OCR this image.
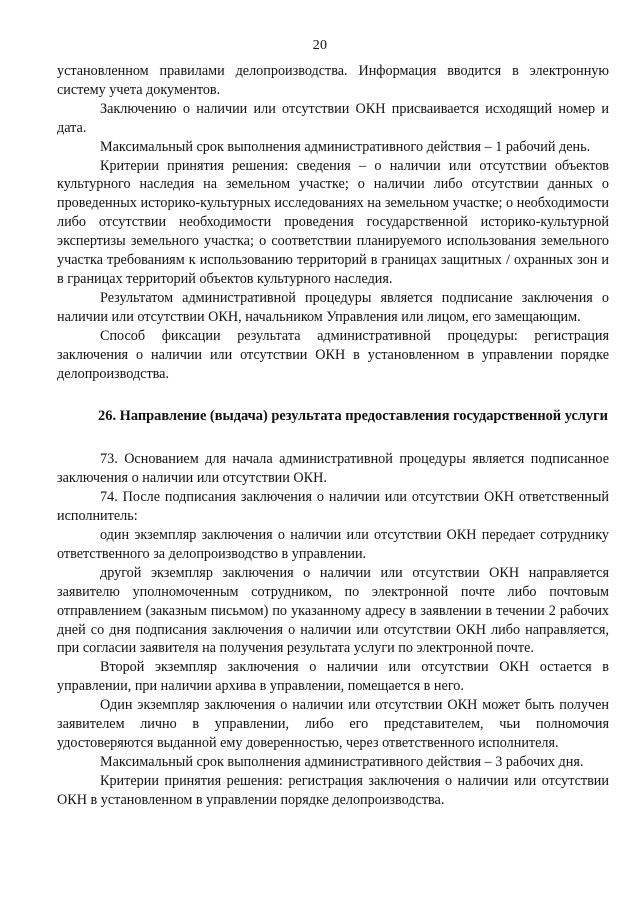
20

установленном правилами делопроизводства. Информация вводится в электронную систему учета документов.

Заключению о наличии или отсутствии ОКН присваивается исходящий номер и дата.

Максимальный срок выполнения административного действия – 1 рабочий день.

Критерии принятия решения: сведения – о наличии или отсутствии объектов культурного наследия на земельном участке; о наличии либо отсутствии данных о проведенных историко-культурных исследованиях на земельном участке; о необходимости либо отсутствии необходимости проведения государственной историко-культурной экспертизы земельного участка; о соответствии планируемого использования земельного участка требованиям к использованию территорий в границах защитных / охранных зон и в границах территорий объектов культурного наследия.

Результатом административной процедуры является подписание заключения о наличии или отсутствии ОКН, начальником Управления или лицом, его замещающим.

Способ фиксации результата административной процедуры: регистрация заключения о наличии или отсутствии ОКН в установленном в управлении порядке делопроизводства.

26. Направление (выдача) результата предоставления государственной услуги

73. Основанием для начала административной процедуры является подписанное заключения о наличии или отсутствии ОКН.

74. После подписания заключения о наличии или отсутствии ОКН ответственный исполнитель:

один экземпляр заключения о наличии или отсутствии ОКН передает сотруднику ответственного за делопроизводство в управлении.

другой экземпляр заключения о наличии или отсутствии ОКН направляется заявителю уполномоченным сотрудником, по электронной почте либо почтовым отправлением (заказным письмом) по указанному адресу в заявлении в течении 2 рабочих дней со дня подписания заключения о наличии или отсутствии ОКН либо направляется, при согласии заявителя на получения результата услуги по электронной почте.

Второй экземпляр заключения о наличии или отсутствии ОКН остается в управлении, при наличии архива в управлении, помещается в него.

Один экземпляр заключения о наличии или отсутствии ОКН может быть получен заявителем лично в управлении, либо его представителем, чьи полномочия удостоверяются выданной ему доверенностью, через ответственного исполнителя.

Максимальный срок выполнения административного действия – 3 рабочих дня.

Критерии принятия решения: регистрация заключения о наличии или отсутствии ОКН в установленном в управлении порядке делопроизводства.
